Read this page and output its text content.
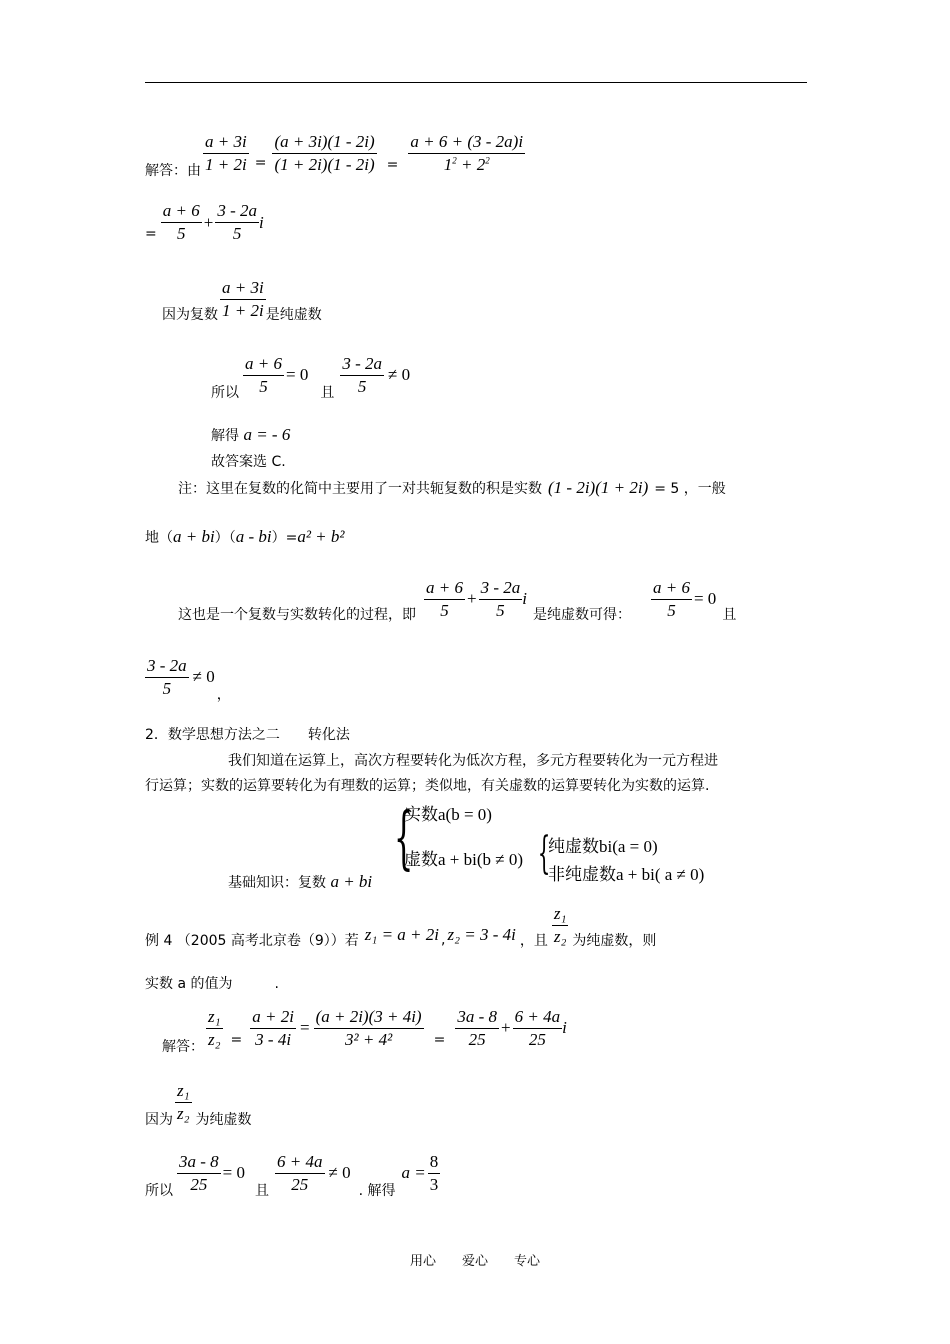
解答：由 $\frac{a + 3i}{1 + 2i} = \frac{(a + 3i)(1 - 2i)}{(1 + 2i)(1 - 2i)} = \frac{a + 6 + (3 - 2a)i}{1^2 + 2^2}$
= $\frac{a + 6}{5} + \frac{3 - 2a}{5}$ i
因为复数 $\frac{a + 3i}{1 + 2i}$ 是纯虚数
所以 $\frac{a + 6}{5} = 0$
且 $\frac{3 - 2a}{5} \ne 0$
解得 a = - 6
故答案选 C.
注：这里在复数的化简中主要用了一对共轭复数的积是实数 (1 - 2i)(1 + 2i) = 5 ，一般
地（ a + bi ）（ a - bi ）= a² + b²
这也是一个复数与实数转化的过程，即 $\frac{a + 6}{5} + \frac{3 - 2a}{5}$ i
是纯虚数可得： $\frac{a + 6}{5} = 0$
且
$\frac{3 - 2a}{5} \ne 0$
，
2．数学思想方法之二　　转化法
我们知道在运算上，高次方程要转化为低次方程，多元方程要转化为一元方程进
行运算；实数的运算要转化为有理数的运算；类似地，有关虚数的运算要转化为实数的运算.
基础知识：复数 a + bi
{
实数a(b = 0)
虚数a + bi(b ≠ 0) {
纯虚数bi(a = 0)
非纯虚数a + bi( a ≠ 0)
例 4 （2005 高考北京卷（9））若 z₁ = a + 2i , z₂ = 3 - 4i ，且 $\frac{\text{z₁}}{\text{z₂}}$ 为纯虚数，则
实数 a 的值为　　　.
解答： $\frac{\text{z₁}}{\text{z₂}} = \frac{a + 2i}{3 - 4i} = \frac{(a + 2i)(3 + 4i)}{\text{3² + 4²}} = \frac{3a - 8}{25} + \frac{6 + 4a}{25}$ i
因为 $\frac{\text{z₁}}{\text{z₂}}$ 为纯虚数
所以 $\frac{3a - 8}{25} = 0$
且 $\frac{6 + 4a}{25} \ne 0$
. 解得
$a = \frac{8}{3}$
用心　　爱心　　专心
